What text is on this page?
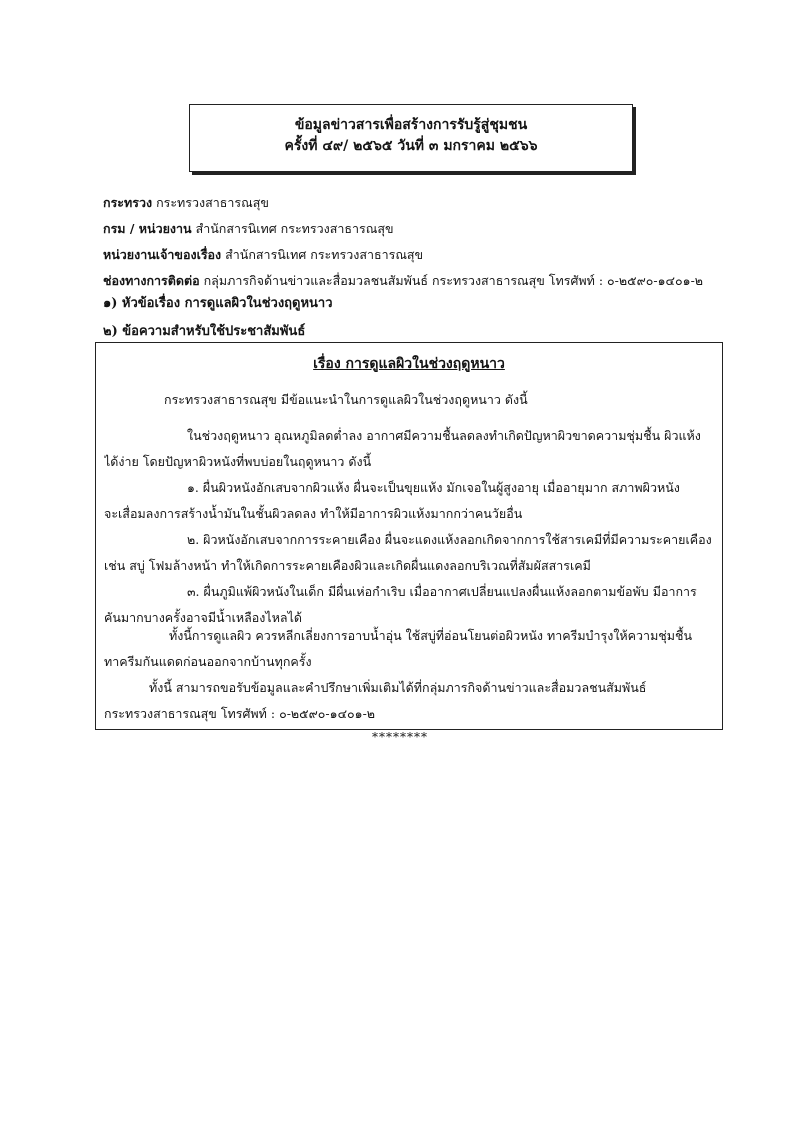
ข้อมูลข่าวสารเพื่อสร้างการรับรู้สู่ชุมชน
ครั้งที่ ๔๙/ ๒๕๖๕ วันที่ ๓ มกราคม ๒๕๖๖
กระทรวง กระทรวงสาธารณสุข
กรม / หน่วยงาน สำนักสารนิเทศ กระทรวงสาธารณสุข
หน่วยงานเจ้าของเรื่อง สำนักสารนิเทศ กระทรวงสาธารณสุข
ช่องทางการติดต่อ กลุ่มภารกิจด้านข่าวและสื่อมวลชนสัมพันธ์ กระทรวงสาธารณสุข โทรศัพท์ : ๐-๒๕๙๐-๑๔๐๑-๒
๑) หัวข้อเรื่อง การดูแลผิวในช่วงฤดูหนาว
๒) ข้อความสำหรับใช้ประชาสัมพันธ์
เรื่อง การดูแลผิวในช่วงฤดูหนาว
กระทรวงสาธารณสุข มีข้อแนะนำในการดูแลผิวในช่วงฤดูหนาว ดังนี้
ในช่วงฤดูหนาว อุณหภูมิลดต่ำลง อากาศมีความชื้นลดลงทำเกิดปัญหาผิวขาดความชุ่มชื้น ผิวแห้ง
ได้ง่าย โดยปัญหาผิวหนังที่พบบ่อยในฤดูหนาว ดังนี้
๑. ผื่นผิวหนังอักเสบจากผิวแห้ง ผื่นจะเป็นขุยแห้ง มักเจอในผู้สูงอายุ เมื่ออายุมาก สภาพผิวหนัง
จะเสื่อมลงการสร้างน้ำมันในชั้นผิวลดลง ทำให้มีอาการผิวแห้งมากกว่าคนวัยอื่น
๒. ผิวหนังอักเสบจากการระคายเคือง ผื่นจะแดงแห้งลอกเกิดจากการใช้สารเคมีที่มีความระคายเคือง
เช่น สบู่ โฟมล้างหน้า ทำให้เกิดการระคายเคืองผิวและเกิดผื่นแดงลอกบริเวณที่สัมผัสสารเคมี
๓. ผื่นภูมิแพ้ผิวหนังในเด็ก มีผื่นเห่อกำเริบ เมื่ออากาศเปลี่ยนแปลงผื่นแห้งลอกตามข้อพับ มีอาการ
คันมากบางครั้งอาจมีน้ำเหลืองไหลได้
ทั้งนี้การดูแลผิว ควรหลีกเลี่ยงการอาบน้ำอุ่น ใช้สบู่ที่อ่อนโยนต่อผิวหนัง ทาครีมบำรุงให้ความชุ่มชื้น
ทาครีมกันแดดก่อนออกจากบ้านทุกครั้ง
ทั้งนี้ สามารถขอรับข้อมูลและคำปรึกษาเพิ่มเติมได้ที่กลุ่มภารกิจด้านข่าวและสื่อมวลชนสัมพันธ์
กระทรวงสาธารณสุข โทรศัพท์ : ๐-๒๕๙๐-๑๔๐๑-๒
********
